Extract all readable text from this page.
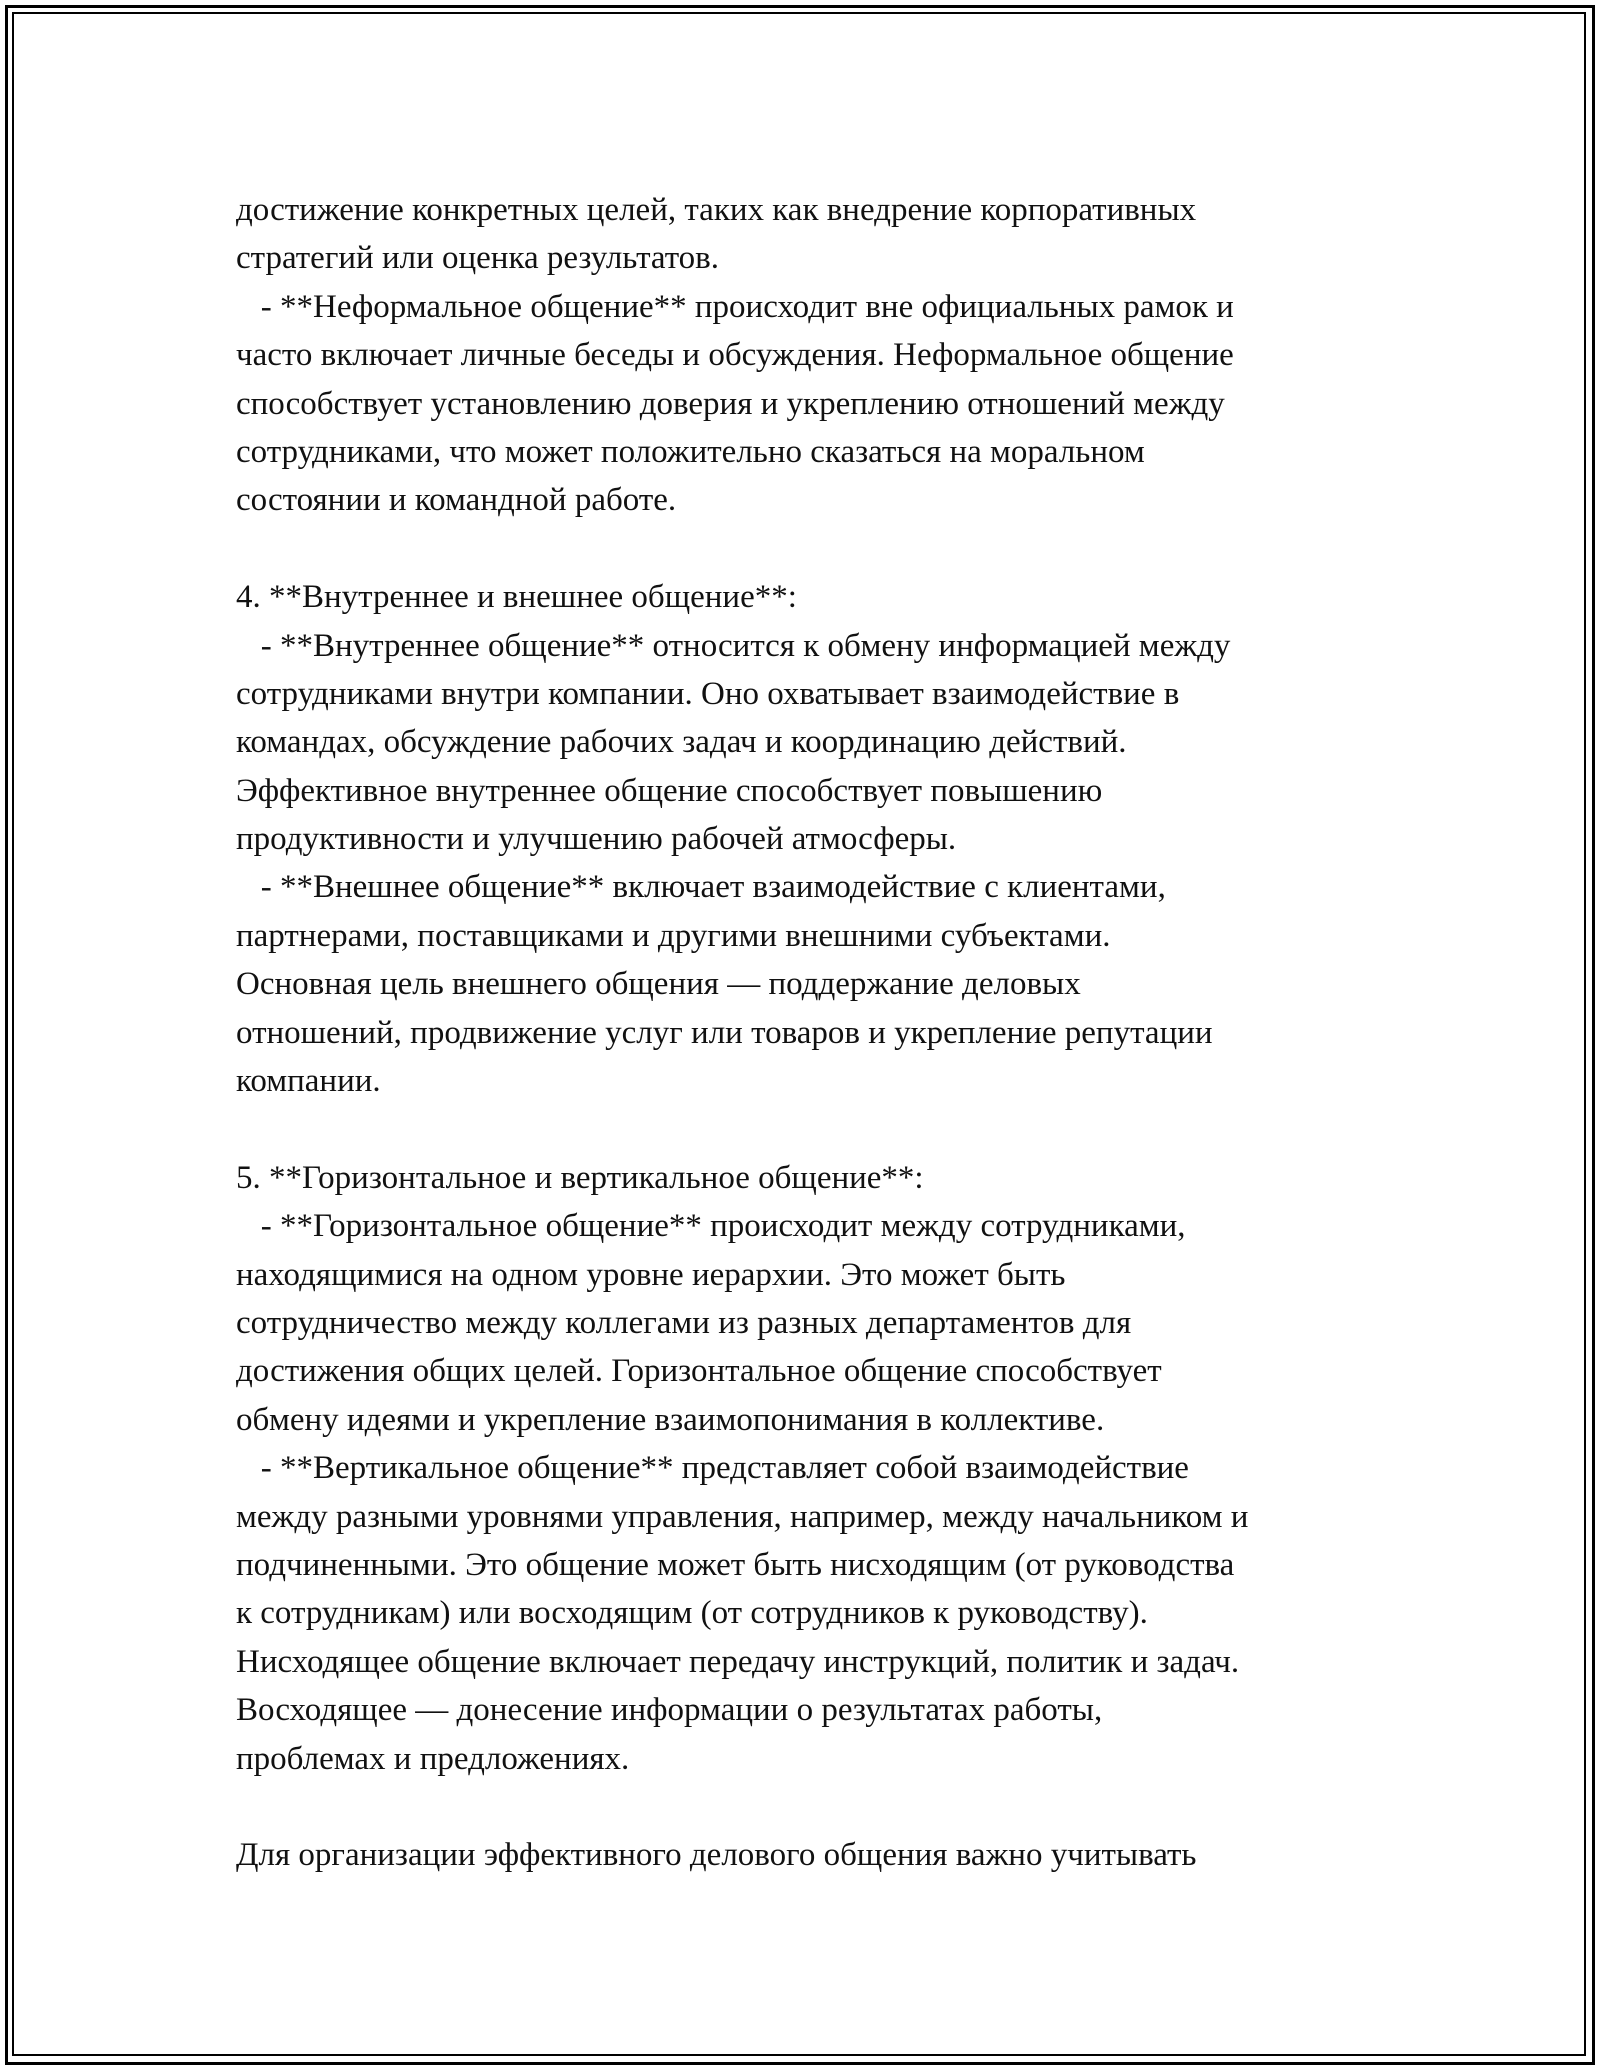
достижение конкретных целей, таких как внедрение корпоративных
стратегий или оценка результатов.
- **Неформальное общение** происходит вне официальных рамок и
часто включает личные беседы и обсуждения. Неформальное общение
способствует установлению доверия и укреплению отношений между
сотрудниками, что может положительно сказаться на моральном
состоянии и командной работе.
4. **Внутреннее и внешнее общение**:
- **Внутреннее общение** относится к обмену информацией между
сотрудниками внутри компании. Оно охватывает взаимодействие в
командах, обсуждение рабочих задач и координацию действий.
Эффективное внутреннее общение способствует повышению
продуктивности и улучшению рабочей атмосферы.
- **Внешнее общение** включает взаимодействие с клиентами,
партнерами, поставщиками и другими внешними субъектами.
Основная цель внешнего общения — поддержание деловых
отношений, продвижение услуг или товаров и укрепление репутации
компании.
5. **Горизонтальное и вертикальное общение**:
- **Горизонтальное общение** происходит между сотрудниками,
находящимися на одном уровне иерархии. Это может быть
сотрудничество между коллегами из разных департаментов для
достижения общих целей. Горизонтальное общение способствует
обмену идеями и укрепление взаимопонимания в коллективе.
- **Вертикальное общение** представляет собой взаимодействие
между разными уровнями управления, например, между начальником и
подчиненными. Это общение может быть нисходящим (от руководства
к сотрудникам) или восходящим (от сотрудников к руководству).
Нисходящее общение включает передачу инструкций, политик и задач.
Восходящее — донесение информации о результатах работы,
проблемах и предложениях.
Для организации эффективного делового общения важно учитывать
